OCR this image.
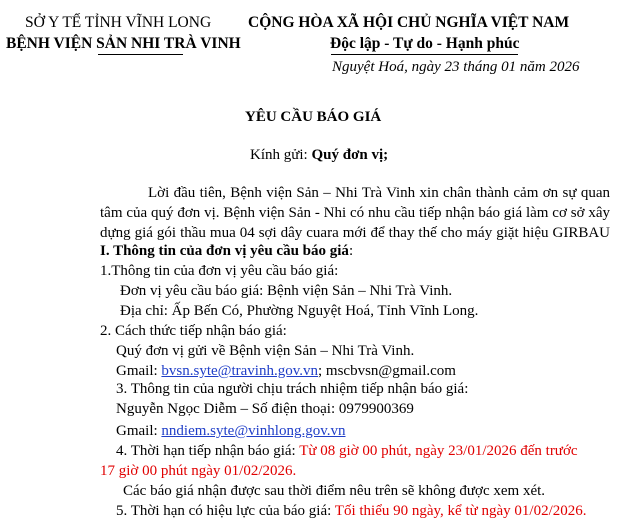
SỞ Y TẾ TỈNH VĨNH LONG
BỆNH VIỆN SẢN NHI TRÀ VINH
CỘNG HÒA XÃ HỘI CHỦ NGHĨA VIỆT NAM
Độc lập - Tự do - Hạnh phúc
Nguyệt Hoá, ngày 23 tháng 01 năm 2026
YÊU CẦU BÁO GIÁ
Kính gửi: Quý đơn vị;
Lời đầu tiên, Bệnh viện Sản – Nhi Trà Vinh xin chân thành cảm ơn sự quan
tâm của quý đơn vị. Bệnh viện Sản - Nhi có nhu cầu tiếp nhận báo giá làm cơ sở xây
dựng giá gói thầu mua 04 sợi dây cuara mới để thay thế cho máy giặt hiệu GIRBAU
I. Thông tin của đơn vị yêu cầu báo giá:
1.Thông tin của đơn vị yêu cầu báo giá:
Đơn vị yêu cầu báo giá: Bệnh viện Sản – Nhi Trà Vinh.
Địa chỉ: Ấp Bến Có, Phường Nguyệt Hoá, Tỉnh Vĩnh Long.
2. Cách thức tiếp nhận báo giá:
Quý đơn vị gửi về Bệnh viện Sản – Nhi Trà Vinh.
Gmail: bvsn.syte@travinh.gov.vn; mscbvsn@gmail.com
3. Thông tin của người chịu trách nhiệm tiếp nhận báo giá:
Nguyễn Ngọc Diễm – Số điện thoại: 0979900369
Gmail: nndiem.syte@vinhlong.gov.vn
4. Thời hạn tiếp nhận báo giá: Từ 08 giờ 00 phút, ngày 23/01/2026 đến trước
17 giờ 00 phút ngày 01/02/2026.
Các báo giá nhận được sau thời điểm nêu trên sẽ không được xem xét.
5. Thời hạn có hiệu lực của báo giá: Tối thiểu 90 ngày, kể từ ngày 01/02/2026.
